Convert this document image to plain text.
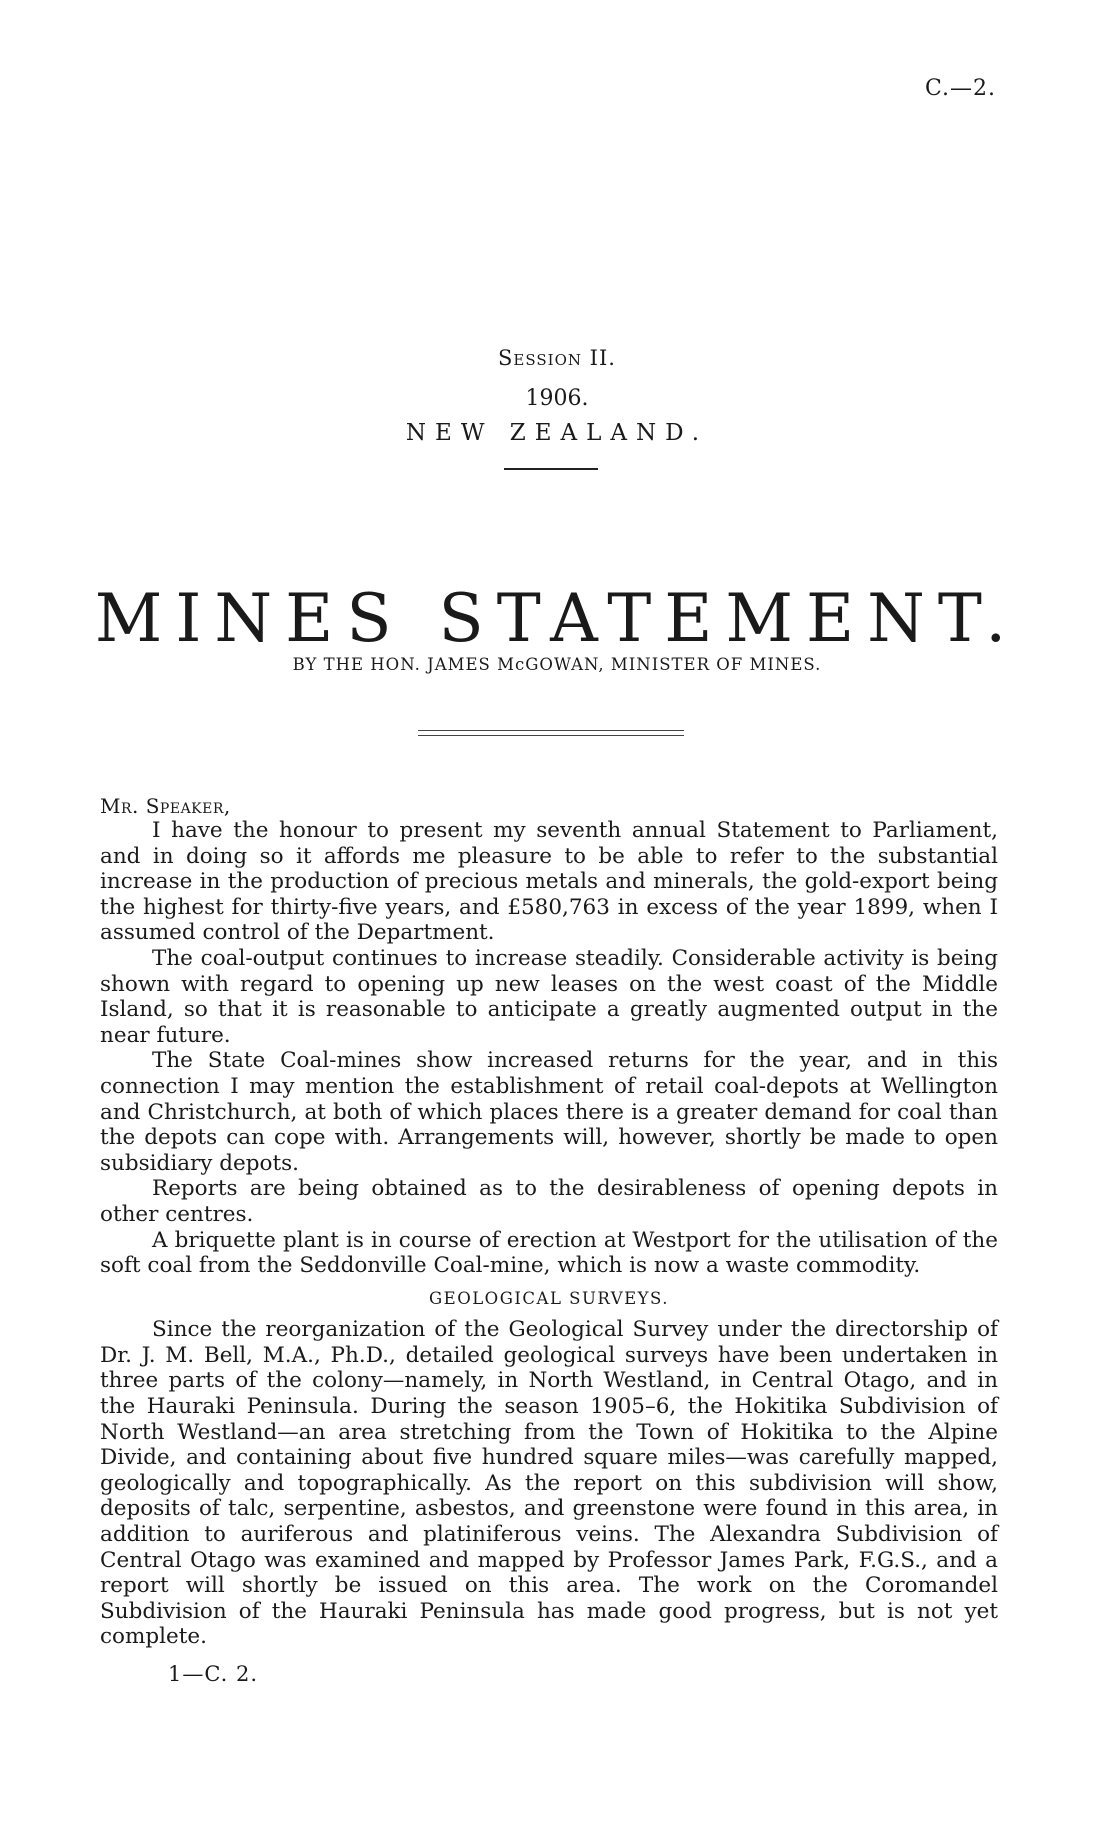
C.—2.
Session II.
1906.
NEW ZEALAND.
MINES STATEMENT.
BY THE HON. JAMES McGOWAN, MINISTER OF MINES.
Mr. Speaker,

I have the honour to present my seventh annual Statement to Parliament, and in doing so it affords me pleasure to be able to refer to the substantial increase in the production of precious metals and minerals, the gold-export being the highest for thirty-five years, and £580,763 in excess of the year 1899, when I assumed control of the Department.

The coal-output continues to increase steadily. Considerable activity is being shown with regard to opening up new leases on the west coast of the Middle Island, so that it is reasonable to anticipate a greatly augmented output in the near future.

The State Coal-mines show increased returns for the year, and in this connection I may mention the establishment of retail coal-depots at Wellington and Christchurch, at both of which places there is a greater demand for coal than the depots can cope with. Arrangements will, however, shortly be made to open subsidiary depots.

Reports are being obtained as to the desirableness of opening depots in other centres.

A briquette plant is in course of erection at Westport for the utilisation of the soft coal from the Seddonville Coal-mine, which is now a waste commodity.

GEOLOGICAL SURVEYS.

Since the reorganization of the Geological Survey under the directorship of Dr. J. M. Bell, M.A., Ph.D., detailed geological surveys have been undertaken in three parts of the colony—namely, in North Westland, in Central Otago, and in the Hauraki Peninsula. During the season 1905–6, the Hokitika Subdivision of North Westland—an area stretching from the Town of Hokitika to the Alpine Divide, and containing about five hundred square miles—was carefully mapped, geologically and topographically. As the report on this subdivision will show, deposits of talc, serpentine, asbestos, and greenstone were found in this area, in addition to auriferous and platiniferous veins. The Alexandra Subdivision of Central Otago was examined and mapped by Professor James Park, F.G.S., and a report will shortly be issued on this area. The work on the Coromandel Subdivision of the Hauraki Peninsula has made good progress, but is not yet complete.

1—C. 2.
